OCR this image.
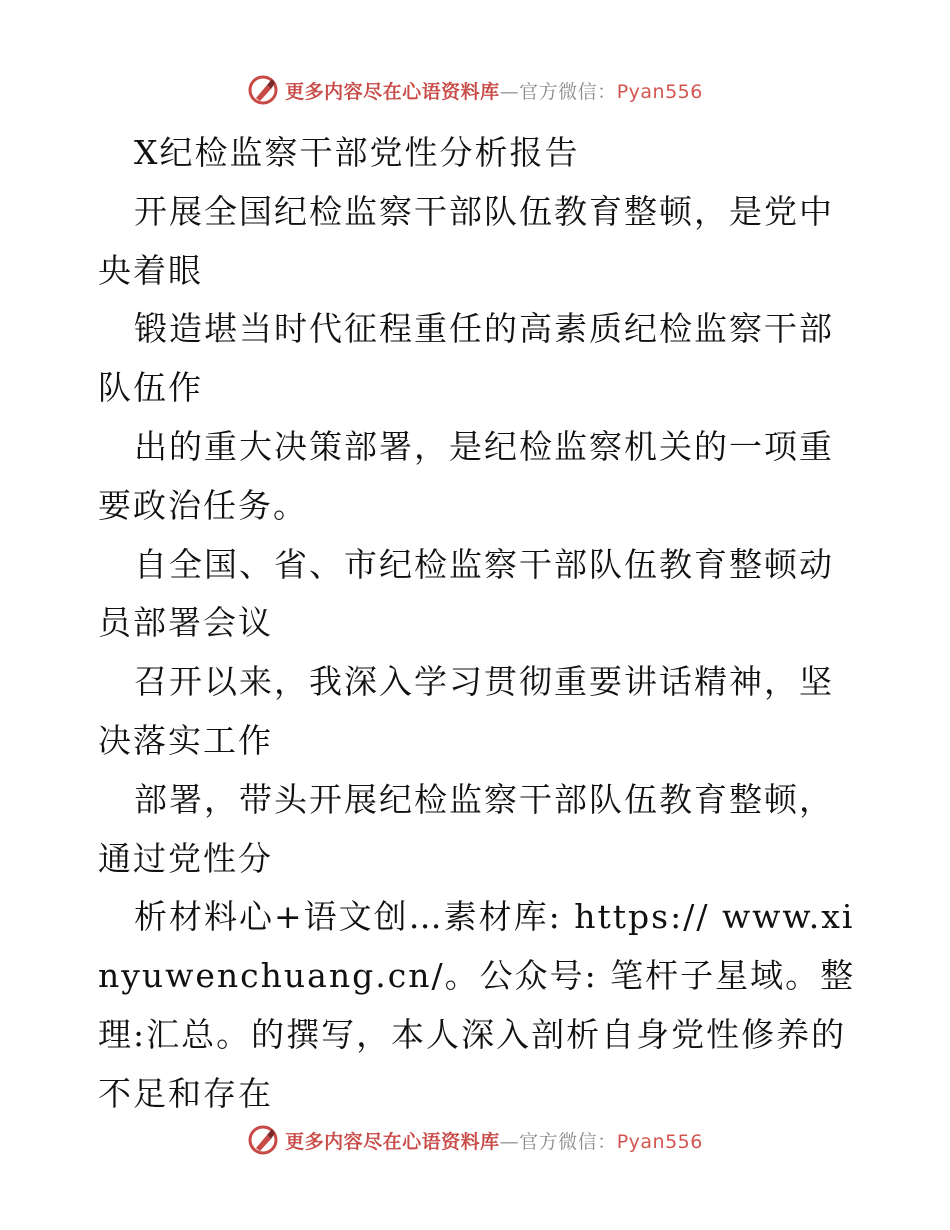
更多内容尽在心语资料库—官方微信：Pyan556

X纪检监察干部党性分析报告

开展全国纪检监察干部队伍教育整顿，是党中央着眼

锻造堪当时代征程重任的高素质纪检监察干部队伍作

出的重大决策部署，是纪检监察机关的一项重要政治任务。

自全国、省、市纪检监察干部队伍教育整顿动员部署会议

召开以来，我深入学习贯彻重要讲话精神，坚决落实工作

部署，带头开展纪检监察干部队伍教育整顿，通过党性分

析材料心+语文创…素材库: https:// www.xinyuwenchuang.cn/。公众号: 笔杆子星域。整理:汇总。的撰写，本人深入剖析自身党性修养的不足和存在

更多内容尽在心语资料库—官方微信：Pyan556
